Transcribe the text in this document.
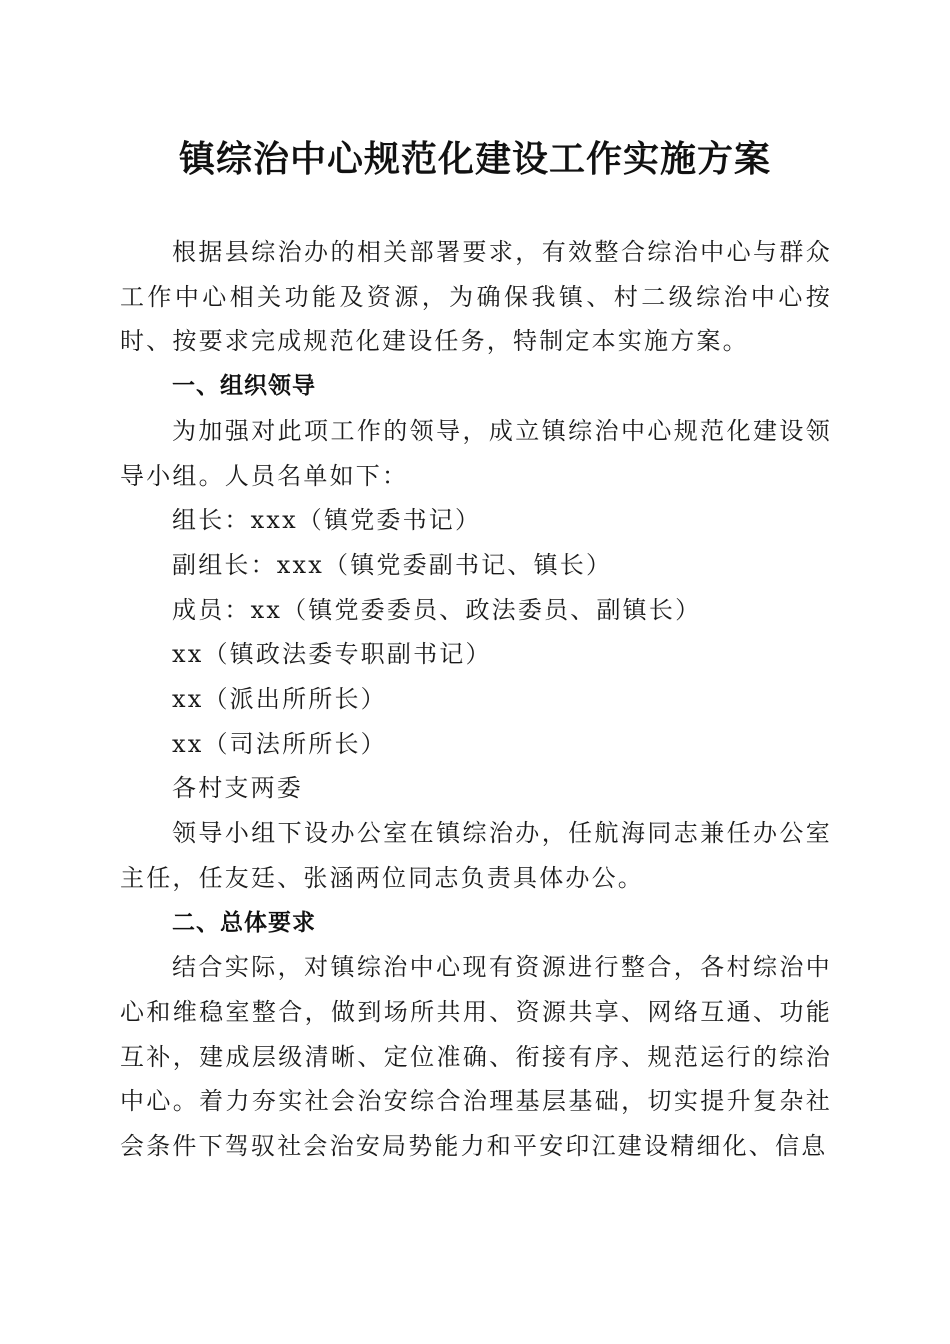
镇综治中心规范化建设工作实施方案

根据县综治办的相关部署要求，有效整合综治中心与群众工作中心相关功能及资源，为确保我镇、村二级综治中心按时、按要求完成规范化建设任务，特制定本实施方案。

一、组织领导

为加强对此项工作的领导，成立镇综治中心规范化建设领导小组。人员名单如下：

组长：xxx（镇党委书记）

副组长：xxx（镇党委副书记、镇长）

成员：xx（镇党委委员、政法委员、副镇长）

xx（镇政法委专职副书记）

xx（派出所所长）

xx（司法所所长）

各村支两委

领导小组下设办公室在镇综治办，任航海同志兼任办公室主任，任友廷、张涵两位同志负责具体办公。

二、总体要求

结合实际，对镇综治中心现有资源进行整合，各村综治中心和维稳室整合，做到场所共用、资源共享、网络互通、功能互补，建成层级清晰、定位准确、衔接有序、规范运行的综治中心。着力夯实社会治安综合治理基层基础，切实提升复杂社会条件下驾驭社会治安局势能力和平安印江建设精细化、信息
